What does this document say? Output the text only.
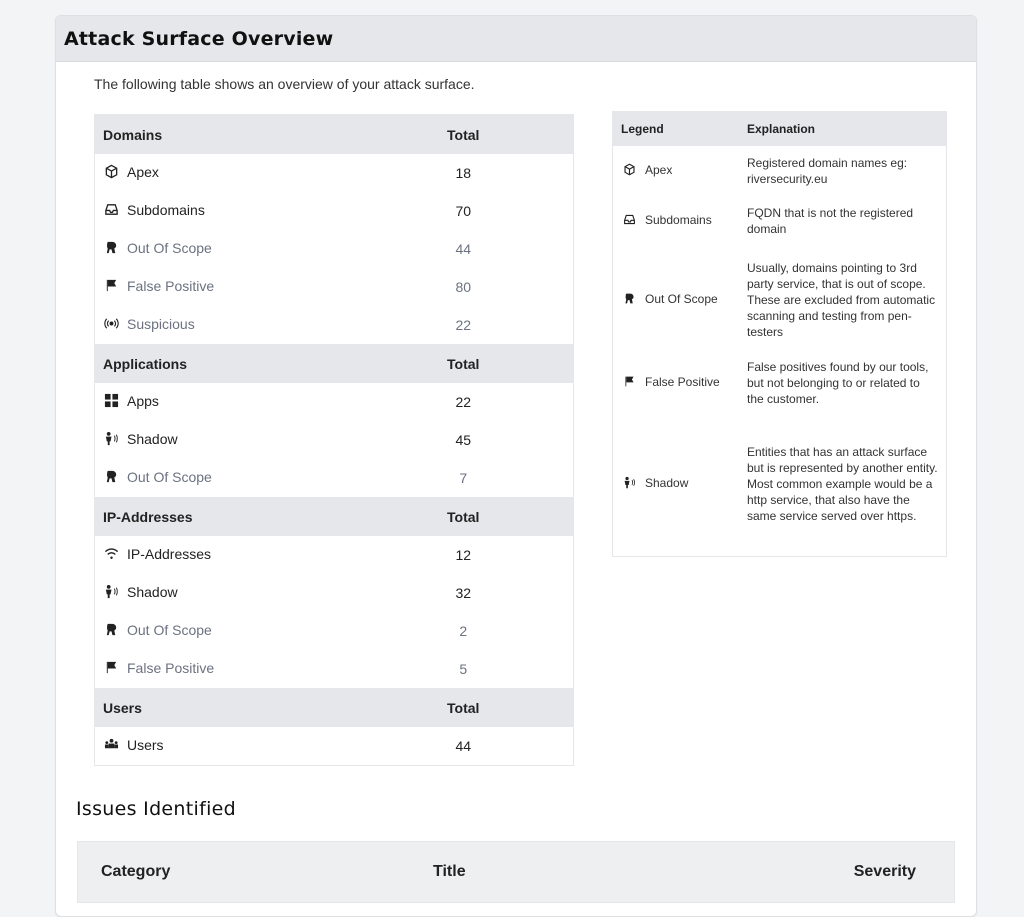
Attack Surface Overview
The following table shows an overview of your attack surface.
Domains	Total

Apex	18

Subdomains	70

Out Of Scope	44

False Positive	80

Suspicious	22
Applications	Total

Apps	22

Shadow	45

Out Of Scope	7
IP-Addresses	Total

IP-Addresses	12

Shadow	32

Out Of Scope	2

False Positive	5
Users	Total

Users	44
Legend	Explanation

Apex	Registered domain names eg: riversecurity.eu

Subdomains	FQDN that is not the registered domain

Out Of Scope	Usually, domains pointing to 3rd party service, that is out of scope. These are excluded from automatic scanning and testing from pen-testers

False Positive	False positives found by our tools, but not belonging to or related to the customer.

Shadow	Entities that has an attack surface but is represented by another entity. Most common example would be a http service, that also have the same service served over https.
Issues Identified
Category	Title	Severity
